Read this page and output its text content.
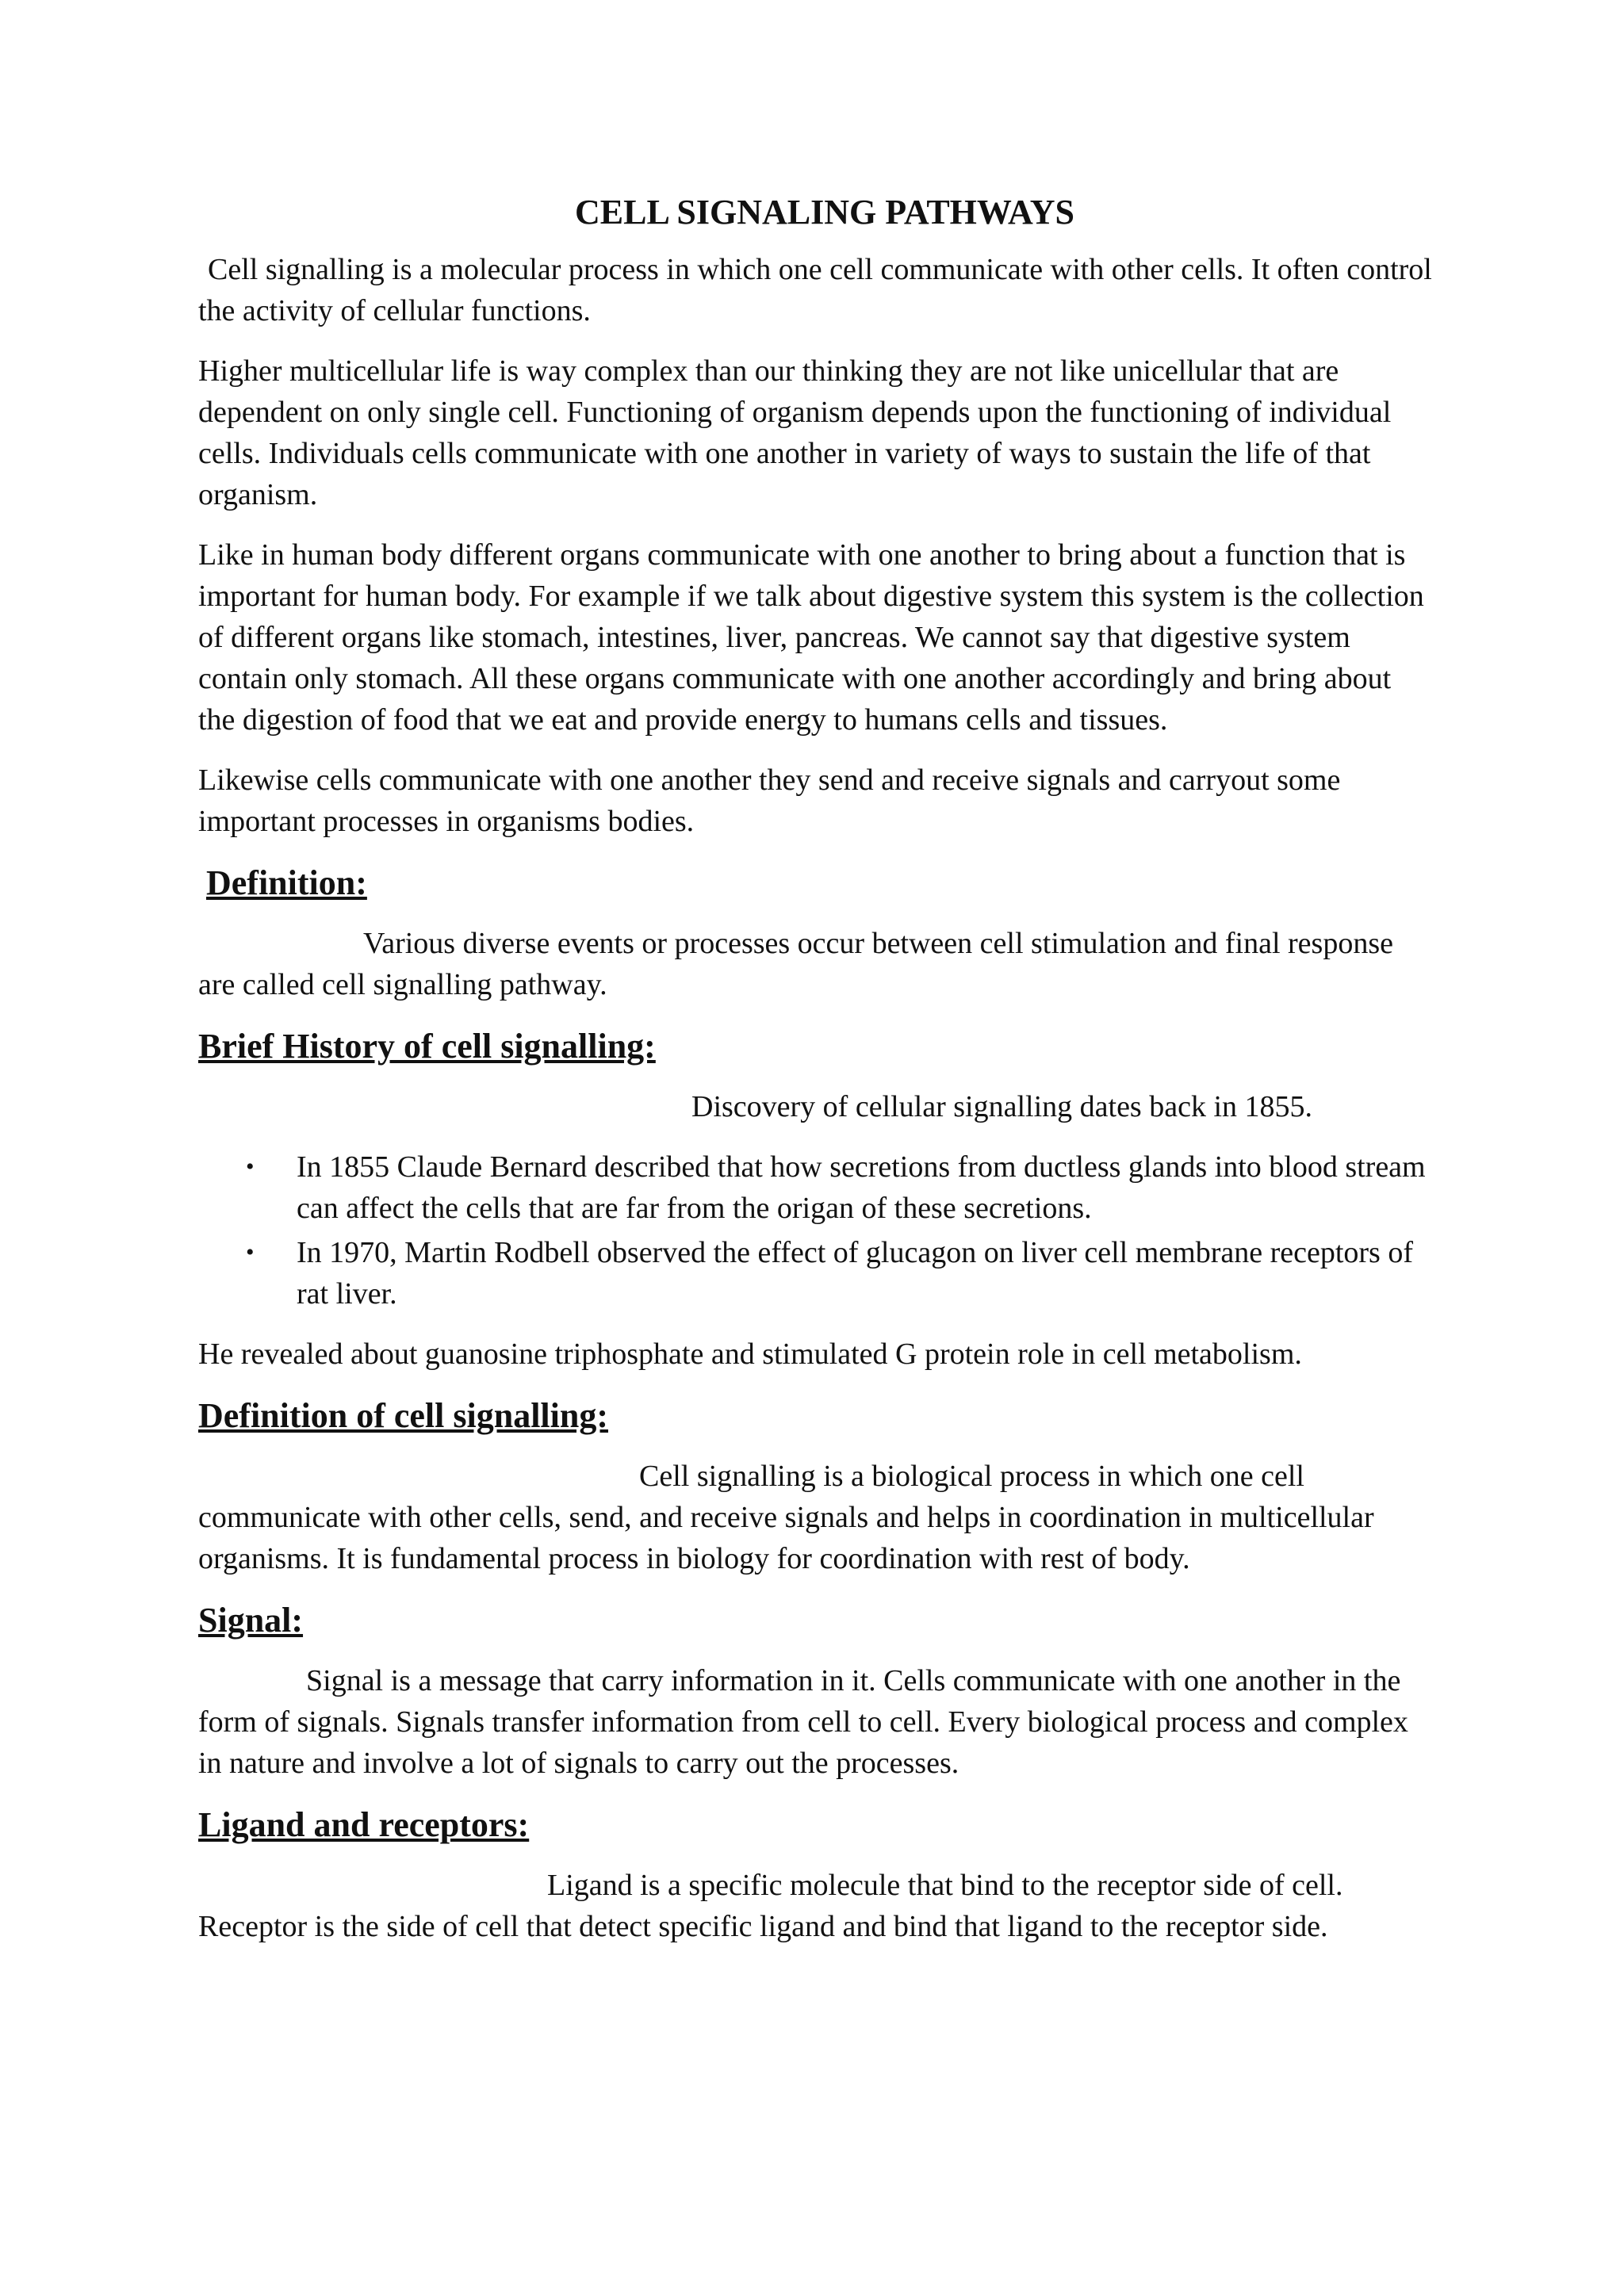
CELL SIGNALING PATHWAYS

Cell signalling is a molecular process in which one cell communicate with other cells. It often control the activity of cellular functions.

Higher multicellular life is way complex than our thinking they are not like unicellular that are dependent on only single cell. Functioning of organism depends upon the functioning of individual cells. Individuals cells communicate with one another in variety of ways to sustain the life of that organism.

Like in human body different organs communicate with one another to bring about a function that is important for human body. For example if we talk about digestive system this system is the collection of different organs like stomach, intestines, liver, pancreas. We cannot say that digestive system contain only stomach. All these organs communicate with one another accordingly and bring about the digestion of food that we eat and provide energy to humans cells and tissues.

Likewise cells communicate with one another they send and receive signals and carryout some important processes in organisms bodies.

Definition:

Various diverse events or processes occur between cell stimulation and final response are called cell signalling pathway.

Brief History of cell signalling:

Discovery of cellular signalling dates back in 1855.

• In 1855 Claude Bernard described that how secretions from ductless glands into blood stream can affect the cells that are far from the origan of these secretions.
• In 1970, Martin Rodbell observed the effect of glucagon on liver cell membrane receptors of rat liver.

He revealed about guanosine triphosphate and stimulated G protein role in cell metabolism.

Definition of cell signalling:

Cell signalling is a biological process in which one cell communicate with other cells, send, and receive signals and helps in coordination in multicellular organisms. It is fundamental process in biology for coordination with rest of body.

Signal:

Signal is a message that carry information in it. Cells communicate with one another in the form of signals. Signals transfer information from cell to cell. Every biological process and complex in nature and involve a lot of signals to carry out the processes.

Ligand and receptors:

Ligand is a specific molecule that bind to the receptor side of cell. Receptor is the side of cell that detect specific ligand and bind that ligand to the receptor side.
